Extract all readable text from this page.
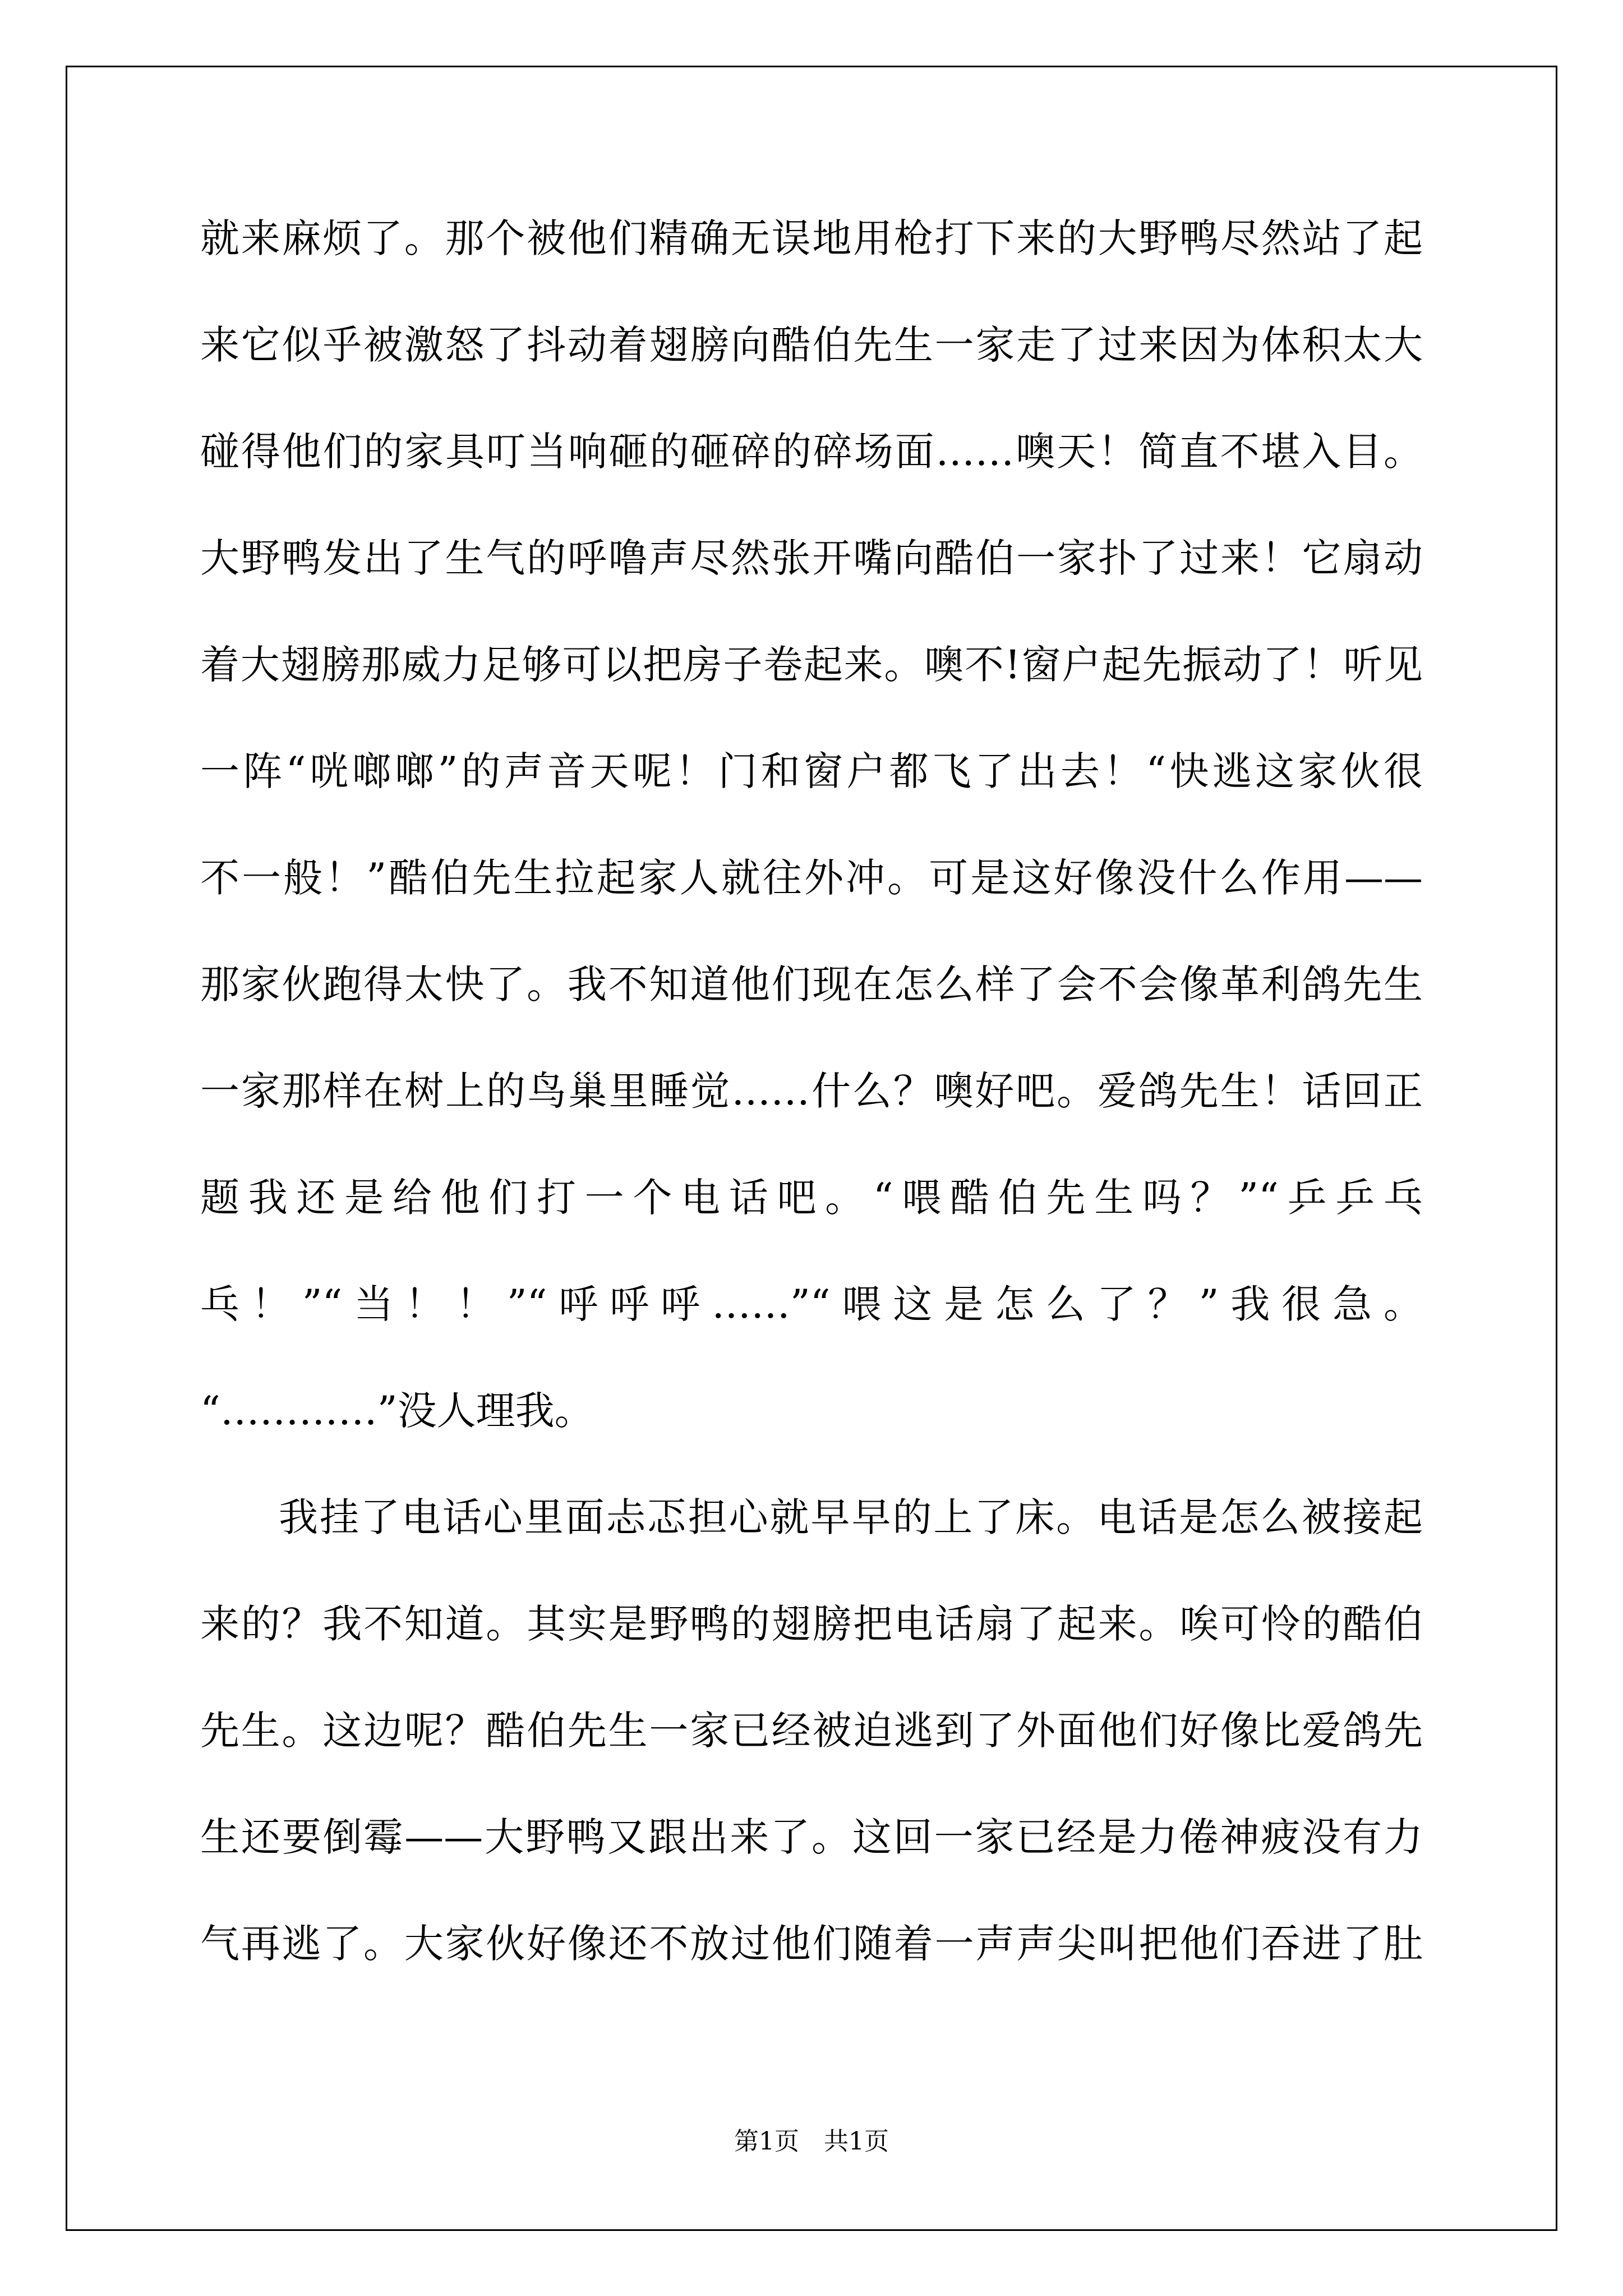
就来麻烦了。那个被他们精确无误地用枪打下来的大野鸭尽然站了起
来它似乎被激怒了抖动着翅膀向酷伯先生一家走了过来因为体积太大
碰得他们的家具叮当响砸的砸碎的碎场面……噢天！简直不堪入目。
大野鸭发出了生气的呼噜声尽然张开嘴向酷伯一家扑了过来！它扇动
着大翅膀那威力足够可以把房子卷起来。噢不!窗户起先振动了！听见
一阵“咣啷啷”的声音天呢！门和窗户都飞了出去！“快逃这家伙很
不一般！”酷伯先生拉起家人就往外冲。可是这好像没什么作用——
那家伙跑得太快了。我不知道他们现在怎么样了会不会像革利鸽先生
一家那样在树上的鸟巢里睡觉……什么？噢好吧。爱鸽先生！话回正
题我还是给他们打一个电话吧。“喂酷伯先生吗？”“乒乒乓
乓！”“当！！”“呼呼呼……”“喂这是怎么了？”我很急。
“…………”没人理我。
我挂了电话心里面忐忑担心就早早的上了床。电话是怎么被接起
来的？我不知道。其实是野鸭的翅膀把电话扇了起来。唉可怜的酷伯
先生。这边呢？酷伯先生一家已经被迫逃到了外面他们好像比爱鸽先
生还要倒霉——大野鸭又跟出来了。这回一家已经是力倦神疲没有力
气再逃了。大家伙好像还不放过他们随着一声声尖叫把他们吞进了肚
第1页　共1页
